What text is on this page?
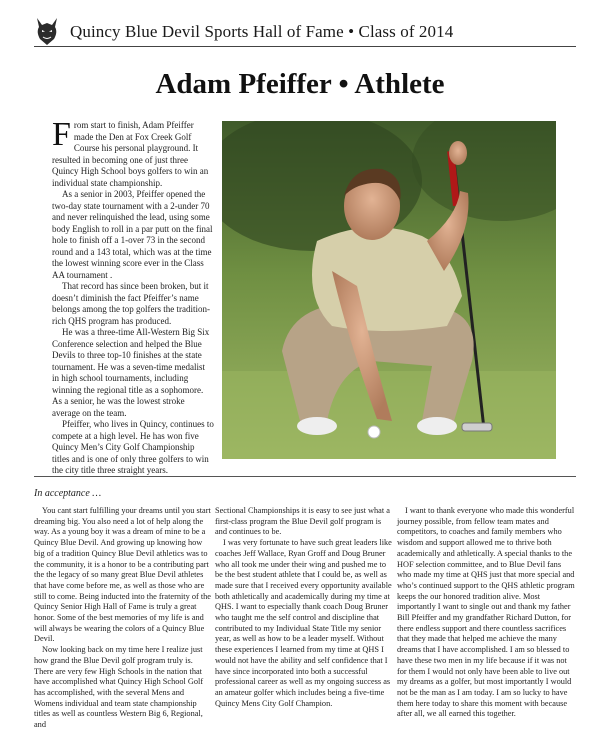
Quincy Blue Devil Sports Hall of Fame • Class of 2014
Adam Pfeiffer • Athlete

From start to finish, Adam Pfeiffer made the Den at Fox Creek Golf Course his personal playground. It resulted in becoming one of just three Quincy High School boys golfers to win an individual state championship.

As a senior in 2003, Pfeiffer opened the two-day state tournament with a 2-under 70 and never relinquished the lead, using some body English to roll in a par putt on the final hole to finish off a 1-over 73 in the second round and a 143 total, which was at the time the lowest winning score ever in the Class AA tournament .

That record has since been broken, but it doesn’t diminish the fact Pfeiffer’s name belongs among the top golfers the tradition-rich QHS program has produced.

He was a three-time All-Western Big Six Conference selection and helped the Blue Devils to three top-10 finishes at the state tournament. He was a seven-time medalist in high school tournaments, including winning the regional title as a sophomore. As a senior, he was the lowest stroke average on the team.

Pfeiffer, who lives in Quincy, continues to compete at a high level. He has won five Quincy Men’s City Golf Championship titles and is one of only three golfers to win the city title three straight years.

In acceptance …

You cant start fulfilling your dreams until you start dreaming big. You also need a lot of help along the way. As a young boy it was a dream of mine to be a Quincy Blue Devil. And growing up knowing how big of a tradition Quincy Blue Devil athletics was to the community, it is a honor to be a contributing part the the legacy of so many great Blue Devil athletes that have come before me, as well as those who are still to come. Being inducted into the fraternity of the Quincy Senior High Hall of Fame is truly a great honor. Some of the best memories of my life is and will always be wearing the colors of a Quincy Blue Devil.

Now looking back on my time here I realize just how grand the Blue Devil golf program truly is. There are very few High Schools in the nation that have accomplished what Quincy High School Golf has accomplished, with the several Mens and Womens individual and team state championship titles as well as countless Western Big 6, Regional, and

Sectional Championships it is easy to see just what a first-class program the Blue Devil golf program is and continues to be.

I was very fortunate to have such great leaders like coaches Jeff Wallace, Ryan Groff and Doug Bruner who all took me under their wing and pushed me to be the best student athlete that I could be, as well as made sure that I received every opportunity available both athletically and academically during my time at QHS. I want to especially thank coach Doug Bruner who taught me the self control and discipline that contributed to my Individual State Title my senior year, as well as how to be a leader myself. Without these experiences I learned from my time at QHS I would not have the ability and self confidence that I have since incorporated into both a successful professional career as well as my ongoing success as an amateur golfer which includes being a five-time Quincy Mens City Golf Champion.

I want to thank everyone who made this wonderful journey possible, from fellow team mates and competitors, to coaches and family members who wisdom and support allowed me to thrive both academically and athletically. A special thanks to the HOF selection committee, and to Blue Devil fans who made my time at QHS just that more special and who’s continued support to the QHS athletic program keeps the our honored tradition alive. Most importantly I want to single out and thank my father Bill Pfeiffer and my grandfather Richard Dutton, for there endless support and there countless sacrifices that they made that helped me achieve the many dreams that I have accomplished. I am so blessed to have these two men in my life because if it was not for them I would not only have been able to live out my dreams as a golfer, but most importantly I would not be the man as I am today. I am so lucky to have them here today to share this moment with because after all, we all earned this together.
